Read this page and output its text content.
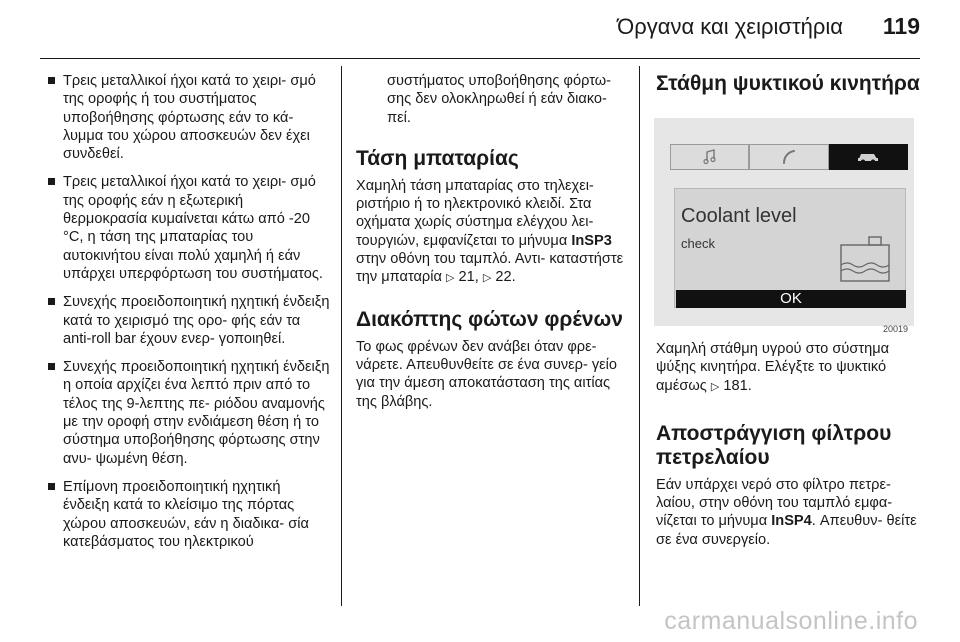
Όργανα και χειριστήρια 119
Τρεις μεταλλικοί ήχοι κατά το χειρι‐ σμό της οροφής ή του συστήματος υποβοήθησης φόρτωσης εάν το κά‐ λυμμα του χώρου αποσκευών δεν έχει συνδεθεί.
Τρεις μεταλλικοί ήχοι κατά το χειρι‐ σμό της οροφής εάν η εξωτερική θερμοκρασία κυμαίνεται κάτω από -20 °C, η τάση της μπαταρίας του αυτοκινήτου είναι πολύ χαμηλή ή εάν υπάρχει υπερφόρτωση του συστήματος.
Συνεχής προειδοποιητική ηχητική ένδειξη κατά το χειρισμό της ορο‐ φής εάν τα anti-roll bar έχουν ενερ‐ γοποιηθεί.
Συνεχής προειδοποιητική ηχητική ένδειξη η οποία αρχίζει ένα λεπτό πριν από το τέλος της 9-λεπτης πε‐ ριόδου αναμονής με την οροφή στην ενδιάμεση θέση ή το σύστημα υποβοήθησης φόρτωσης στην ανυ‐ ψωμένη θέση.
Επίμονη προειδοποιητική ηχητική ένδειξη κατά το κλείσιμο της πόρτας χώρου αποσκευών, εάν η διαδικα‐ σία κατεβάσματος του ηλεκτρικού

συστήματος υποβοήθησης φόρτω‐ σης δεν ολοκληρωθεί ή εάν διακο‐ πεί.

Τάση μπαταρίας

Χαμηλή τάση μπαταρίας στο τηλεχει‐ ριστήριο ή το ηλεκτρονικό κλειδί. Στα οχήματα χωρίς σύστημα ελέγχου λει‐ τουργιών, εμφανίζεται το μήνυμα InSP3 στην οθόνη του ταμπλό. Αντι‐ καταστήστε την μπαταρία ▷ 21, ▷ 22.

Διακόπτης φώτων φρένων

Το φως φρένων δεν ανάβει όταν φρε‐ νάρετε. Απευθυνθείτε σε ένα συνερ‐ γείο για την άμεση αποκατάσταση της αιτίας της βλάβης.

Στάθμη ψυκτικού κινητήρα
Coolant level
check
OK
20019

Χαμηλή στάθμη υγρού στο σύστημα ψύξης κινητήρα. Ελέγξτε το ψυκτικό αμέσως ▷ 181.

Αποστράγγιση φίλτρου πετρελαίου

Εάν υπάρχει νερό στο φίλτρο πετρε‐ λαίου, στην οθόνη του ταμπλό εμφα‐ νίζεται το μήνυμα InSP4. Απευθυν‐ θείτε σε ένα συνεργείο.

carmanualsonline.info
